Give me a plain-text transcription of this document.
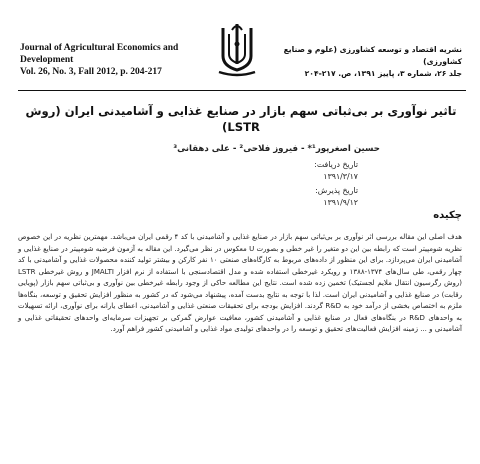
Journal of Agricultural Economics and Development
Vol. 26, No. 3, Fall 2012, p. 204-217
نشریه اقتصاد و توسعه کشاورزی (علوم و صنایع کشاورزی)
جلد ۲۶، شماره ۳، پاییز ۱۳۹۱، ص. ۲۱۷-۲۰۴
تاثیر نوآوری بر بی‌ثباتی سهم بازار در صنایع غذایی و آشامیدنی ایران (روش LSTR)
حسین اصغرپور¹* - فیروز فلاحی² - علی دهقانی³
تاریخ دریافت:
۱۳۹۱/۳/۱۷
تاریخ پذیرش:
۱۳۹۱/۹/۱۲
چکیده
هدف اصلی این مقاله بررسی اثر نوآوری بر بی‌ثباتی سهم بازار در صنایع غذایی و آشامیدنی با کد ۴ رقمی ایران می‌باشد. مهمترین نظریه در این خصوص نظریه شومپیتر است که رابطه بین این دو متغیر را غیر خطی و بصورت U معکوس در نظر می‌گیرد. این مقاله به آزمون فرضیه شومپیتر در صنایع غذایی و آشامیدنی ایران می‌پردازد. برای این منظور از داده‌های مربوط به کارگاه‌های صنعتی ۱۰ نفر کارکن و بیشتر تولید کننده محصولات غذایی و آشامیدنی با کد چهار رقمی، طی سال‌های ۱۳۷۴-۱۳۸۸ و رویکرد غیرخطی استفاده شده و مدل اقتصادسنجی با استفاده از نرم افزار JMALTI و روش غیرخطی LSTR (روش رگرسیون انتقال ملایم لجستیک) تخمین زده شده است. نتایج این مطالعه حاکی از وجود رابطه غیرخطی بین نوآوری و بی‌ثباتی سهم بازار (پویایی رقابت) در صنایع غذایی و آشامیدنی ایران است. لذا با توجه به نتایج بدست آمده، پیشنهاد می‌شود که در کشور به منظور افزایش تحقیق و توسعه، بنگاه‌ها ملزم به اختصاص بخشی از درآمد خود به R&D گردند. افزایش بودجه برای تحقیقات صنعتی غذایی و آشامیدنی، اعطای یارانه برای نوآوری، ارائه تسهیلات به واحدهای R&D در بنگاه‌های فعال در صنایع غذایی و آشامیدنی کشور، معافیت عوارض گمرکی بر تجهیزات سرمایه‌ای واحدهای تحقیقاتی غذایی و آشامیدنی و ... زمینه افزایش فعالیت‌های تحقیق و توسعه را در واحدهای تولیدی مواد غذایی و آشامیدنی کشور فراهم آورد.
